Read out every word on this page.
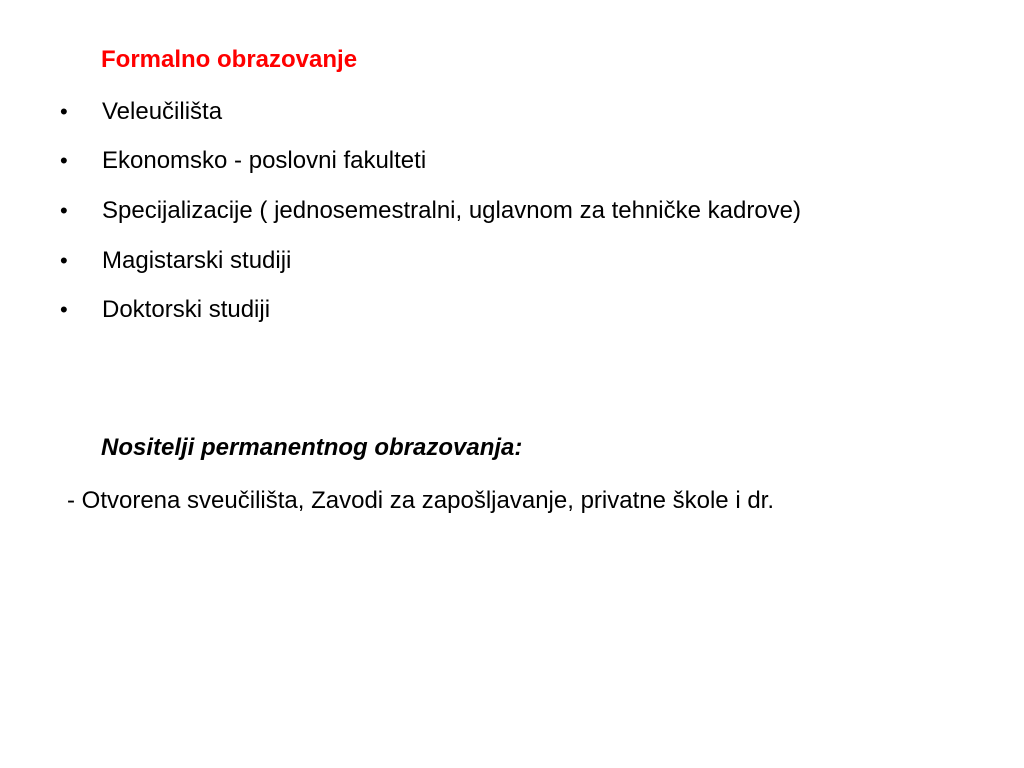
Formalno obrazovanje
•	Veleučilišta
•	Ekonomsko - poslovni fakulteti
•	Specijalizacije ( jednosemestralni, uglavnom za tehničke kadrove)
•	Magistarski studiji
•	Doktorski studiji
Nositelji permanentnog obrazovanja:
- Otvorena sveučilišta, Zavodi za zapošljavanje, privatne škole i dr.
